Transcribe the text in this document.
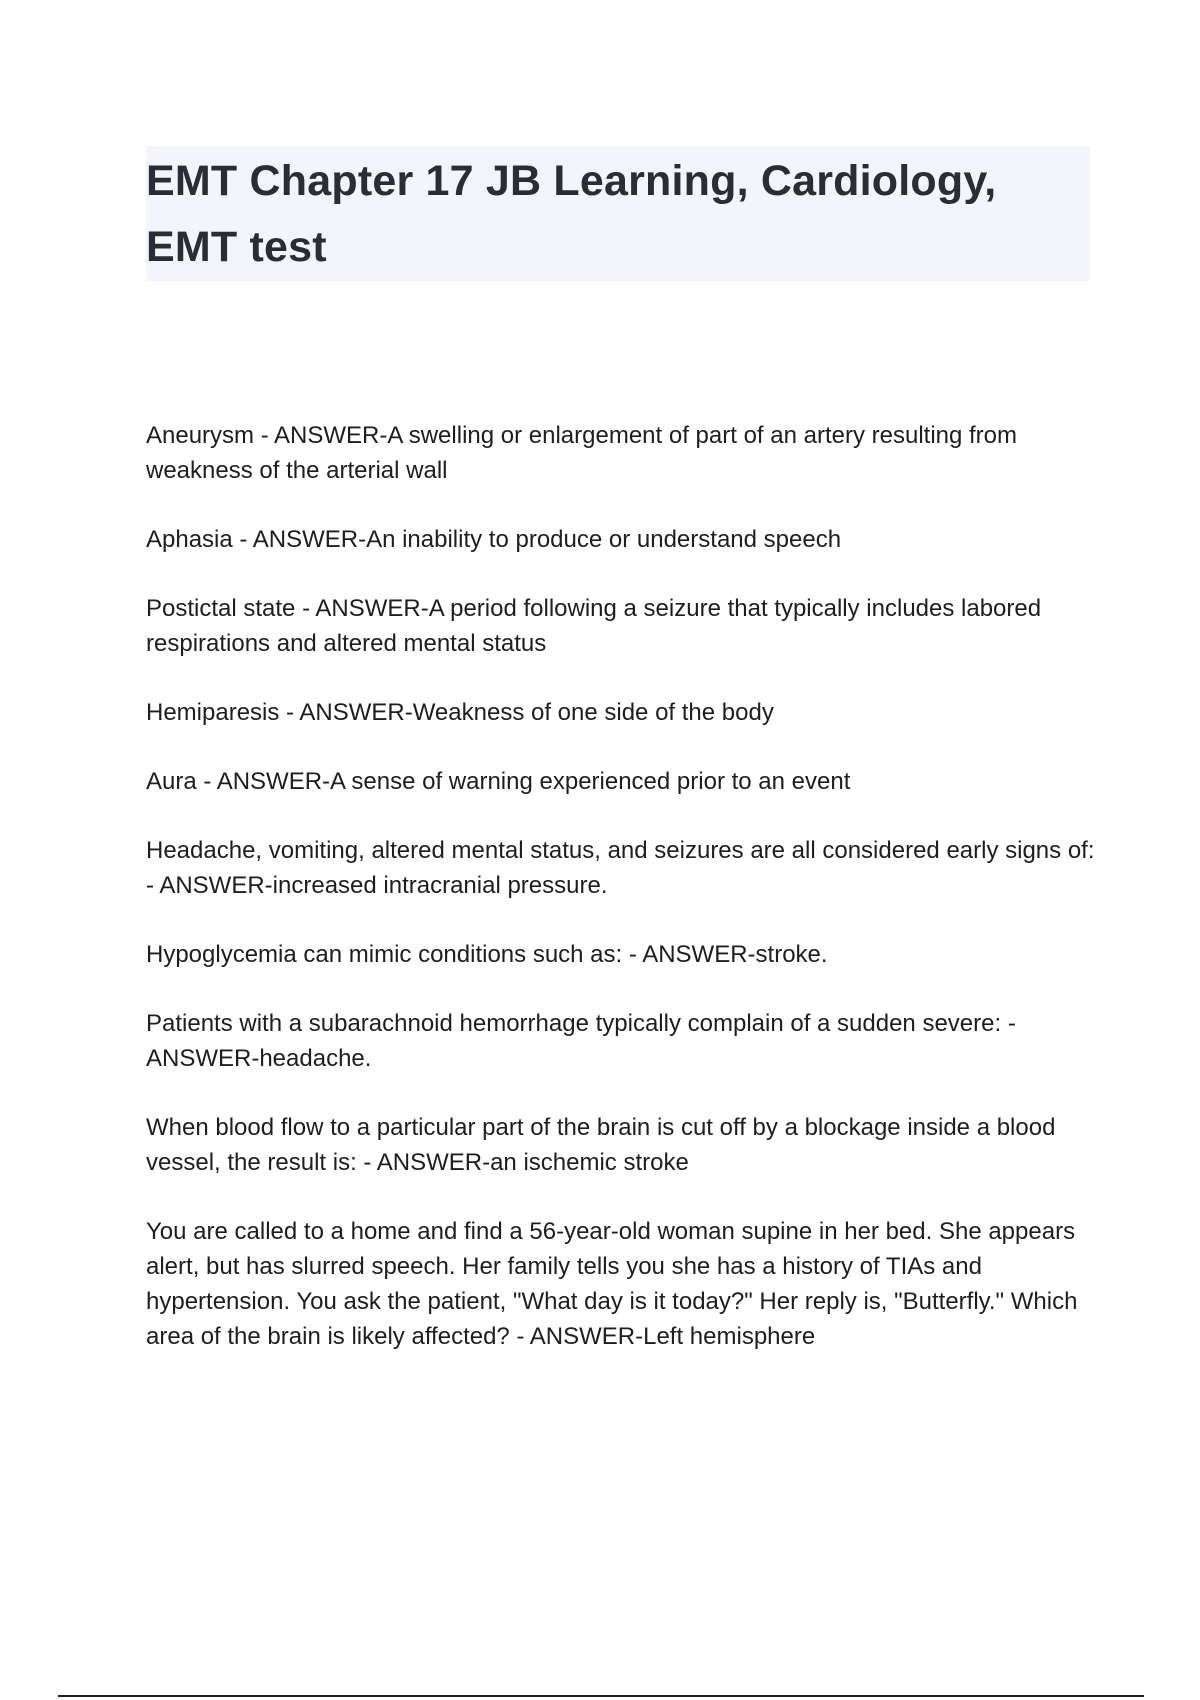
EMT Chapter 17 JB Learning, Cardiology, EMT test
Aneurysm - ANSWER-A swelling or enlargement of part of an artery resulting from weakness of the arterial wall
Aphasia - ANSWER-An inability to produce or understand speech
Postictal state - ANSWER-A period following a seizure that typically includes labored respirations and altered mental status
Hemiparesis - ANSWER-Weakness of one side of the body
Aura - ANSWER-A sense of warning experienced prior to an event
Headache, vomiting, altered mental status, and seizures are all considered early signs of: - ANSWER-increased intracranial pressure.
Hypoglycemia can mimic conditions such as: - ANSWER-stroke.
Patients with a subarachnoid hemorrhage typically complain of a sudden severe: - ANSWER-headache.
When blood flow to a particular part of the brain is cut off by a blockage inside a blood vessel, the result is: - ANSWER-an ischemic stroke
You are called to a home and find a 56-year-old woman supine in her bed. She appears alert, but has slurred speech. Her family tells you she has a history of TIAs and hypertension. You ask the patient, "What day is it today?" Her reply is, "Butterfly." Which area of the brain is likely affected? - ANSWER-Left hemisphere
